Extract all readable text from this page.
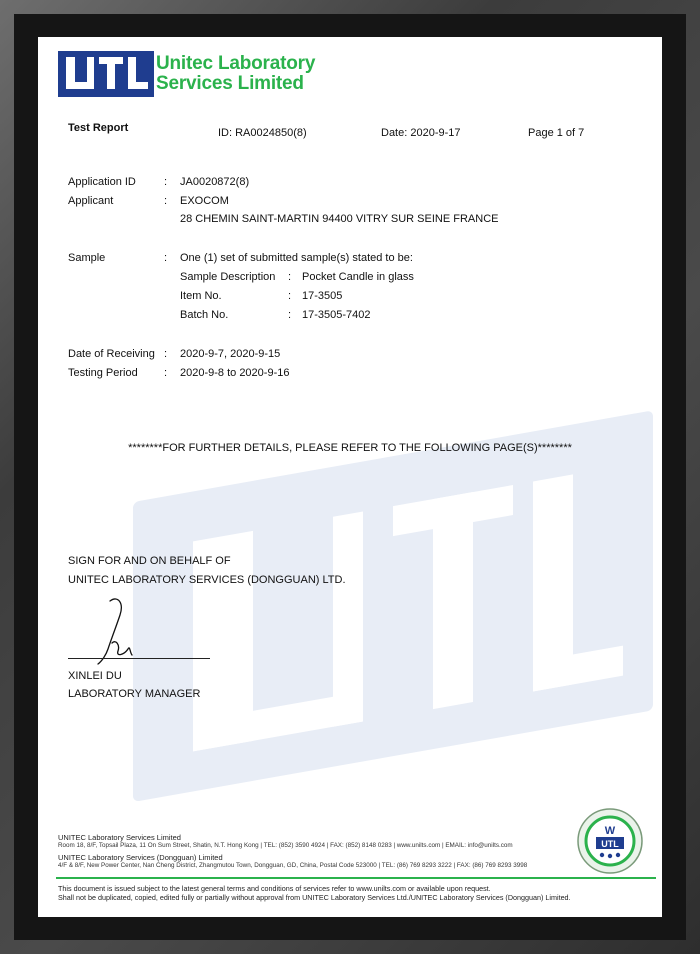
Unitec Laboratory
Services Limited
Test Report	ID: RA0024850(8)	Date: 2020-9-17	Page 1 of 7
Application ID	: JA0020872(8)
Applicant	: EXOCOM
28 CHEMIN SAINT-MARTIN 94400 VITRY SUR SEINE FRANCE
Sample	: One (1) set of submitted sample(s) stated to be:
Sample Description : Pocket Candle in glass
Item No.	: 17-3505
Batch No.	: 17-3505-7402
Date of Receiving : 2020-9-7, 2020-9-15
Testing Period : 2020-9-8 to 2020-9-16
********FOR FURTHER DETAILS, PLEASE REFER TO THE FOLLOWING PAGE(S)********
SIGN FOR AND ON BEHALF OF
UNITEC LABORATORY SERVICES (DONGGUAN) LTD.
XINLEI DU
LABORATORY MANAGER
UNITEC Laboratory Services Limited
Room 18, 8/F, Topsail Plaza, 11 On Sum Street, Shatin, N.T. Hong Kong | TEL: (852) 3590 4924 | FAX: (852) 8148 0283 | www.unilts.com | EMAIL: info@unilts.com
UNITEC Laboratory Services (Dongguan) Limited
4/F & 8/F, New Power Center, Nan Cheng District, Zhangmutou Town, Dongguan, GD, China, Postal Code 523000 | TEL: (86) 769 8293 3222 | FAX: (86) 769 8293 3998
This document is issued subject to the latest general terms and conditions of services refer to www.unilts.com or available upon request.
Shall not be duplicated, copied, edited fully or partially without approval from UNITEC Laboratory Services Ltd./UNITEC Laboratory Services (Dongguan) Limited.
W
UTL
